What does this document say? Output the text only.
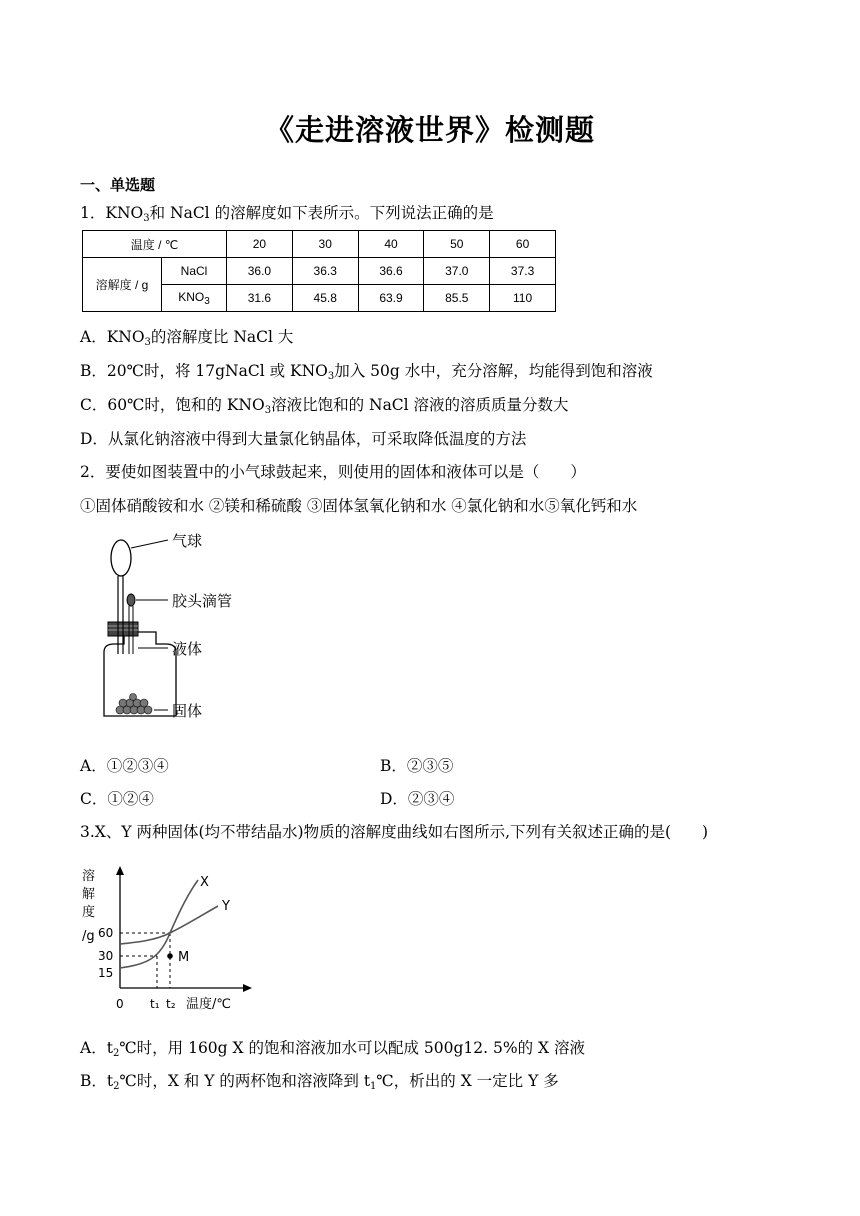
《走进溶液世界》检测题
一、单选题
1．$KNO_3$和 NaCl 的溶解度如下表所示。下列说法正确的是
温度 / ℃		20	30	40	50	60
溶解度 / g	NaCl	36.0	36.3	36.6	37.0	37.3
	$KNO_3$	31.6	45.8	63.9	85.5	110
A．$KNO_3$的溶解度比 NaCl 大
B．20℃时，将 17gNaCl 或 $KNO_3$加入 50g 水中，充分溶解，均能得到饱和溶液
C．60℃时，饱和的 $KNO_3$溶液比饱和的 NaCl 溶液的溶质质量分数大
D．从氯化钠溶液中得到大量氯化钠晶体，可采取降低温度的方法
2．要使如图装置中的小气球鼓起来，则使用的固体和液体可以是（　　）
①固体硝酸铵和水 ②镁和稀硫酸 ③固体氢氧化钠和水 ④氯化钠和水⑤氧化钙和水
气球
胶头滴管
液体
固体
A．①②③④	B．②③⑤
C．①②④	D．②③④
3.X、Y 两种固体(均不带结晶水)物质的溶解度曲线如右图所示,下列有关叙述正确的是(　　)
M
溶
解
度
/g 60
30
15
0 t₁ t₂ 温度/℃
X
Y
A．$t_2℃$时，用 160g X 的饱和溶液加水可以配成 500g12. 5%的 X 溶液
B．$t_2℃$时，X 和 Y 的两杯饱和溶液降到 $t_1℃$，析出的 X 一定比 Y 多
